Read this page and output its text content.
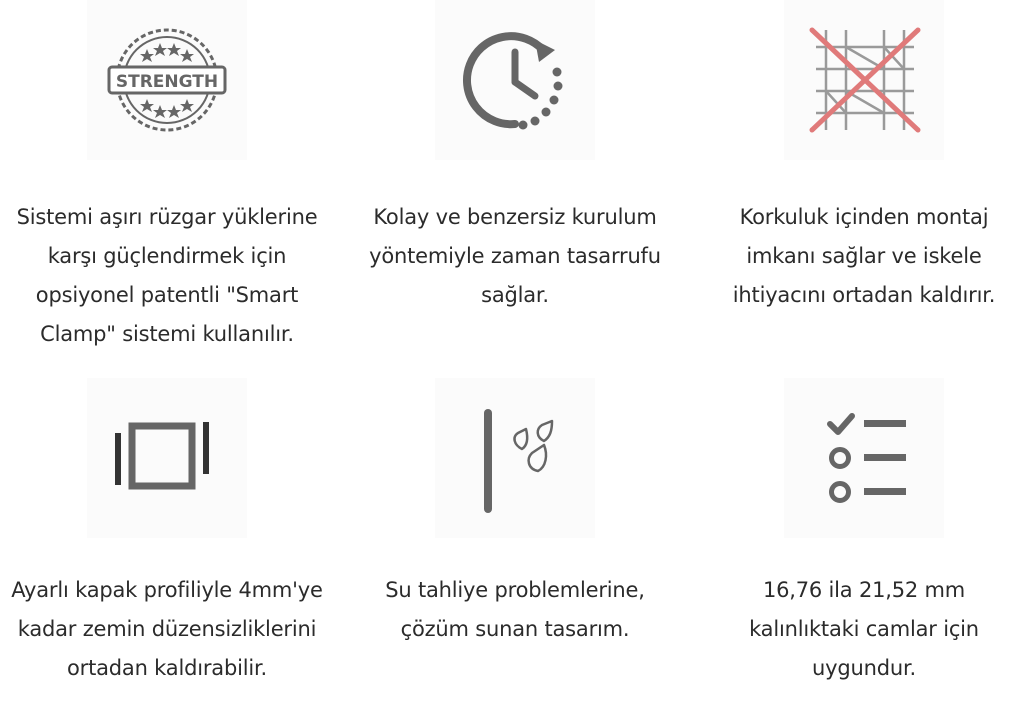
STRENGTH
Sistemi aşırı rüzgar yüklerine
karşı güçlendirmek için
opsiyonel patentli "Smart
Clamp" sistemi kullanılır.
Kolay ve benzersiz kurulum
yöntemiyle zaman tasarrufu
sağlar.
Korkuluk içinden montaj
imkanı sağlar ve iskele
ihtiyacını ortadan kaldırır.
Ayarlı kapak profiliyle 4mm'ye
kadar zemin düzensizliklerini
ortadan kaldırabilir.
Su tahliye problemlerine,
çözüm sunan tasarım.
16,76 ila 21,52 mm
kalınlıktaki camlar için
uygundur.
